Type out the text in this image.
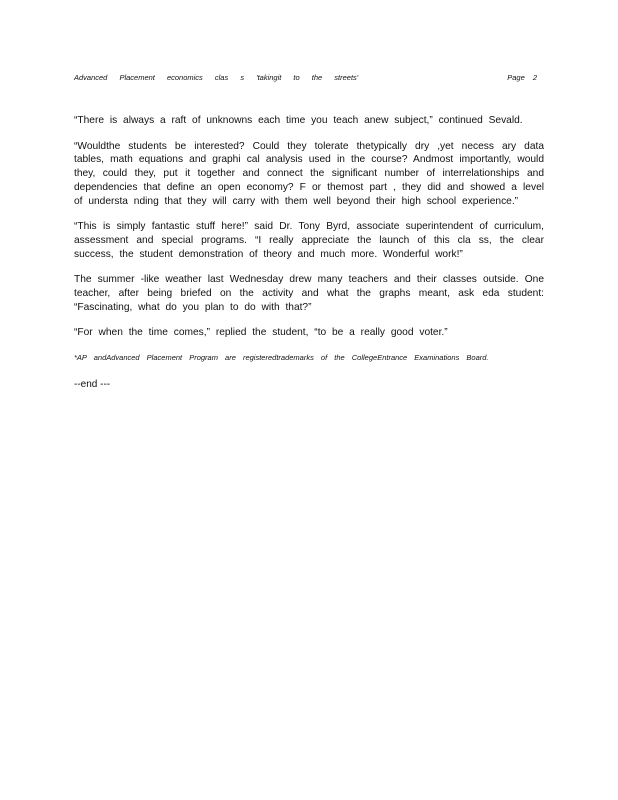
Advanced Placement economics clas s 'takingit to the streets'	Page 2

“There is always a raft of unknowns each time you teach anew subject,” continued Sevald.

“Wouldthe students be interested? Could they tolerate thetypically dry ,yet necess ary data tables, math equations and graphi cal analysis used in the course? Andmost importantly, would they, could they, put it together and connect the significant number of interrelationships and dependencies that define an open economy? F or themost part , they did and showed a level of understa nding that they will carry with them well beyond their high school experience.”

“This is simply fantastic stuff here!” said Dr. Tony Byrd, associate superintendent of curriculum, assessment and special programs. “I really appreciate the launch of this cla ss, the clear success, the student demonstration of theory and much more. Wonderful work!”

The summer -like weather last Wednesday drew many teachers and their classes outside. One teacher, after being briefed on the activity and what the graphs meant, ask eda student: “Fascinating, what do you plan to do with that?”

“For when the time comes,” replied the student, “to be a really good voter.”

*AP andAdvanced Placement Program are registeredtrademarks of the CollegeEntrance Examinations Board.
--end ---
